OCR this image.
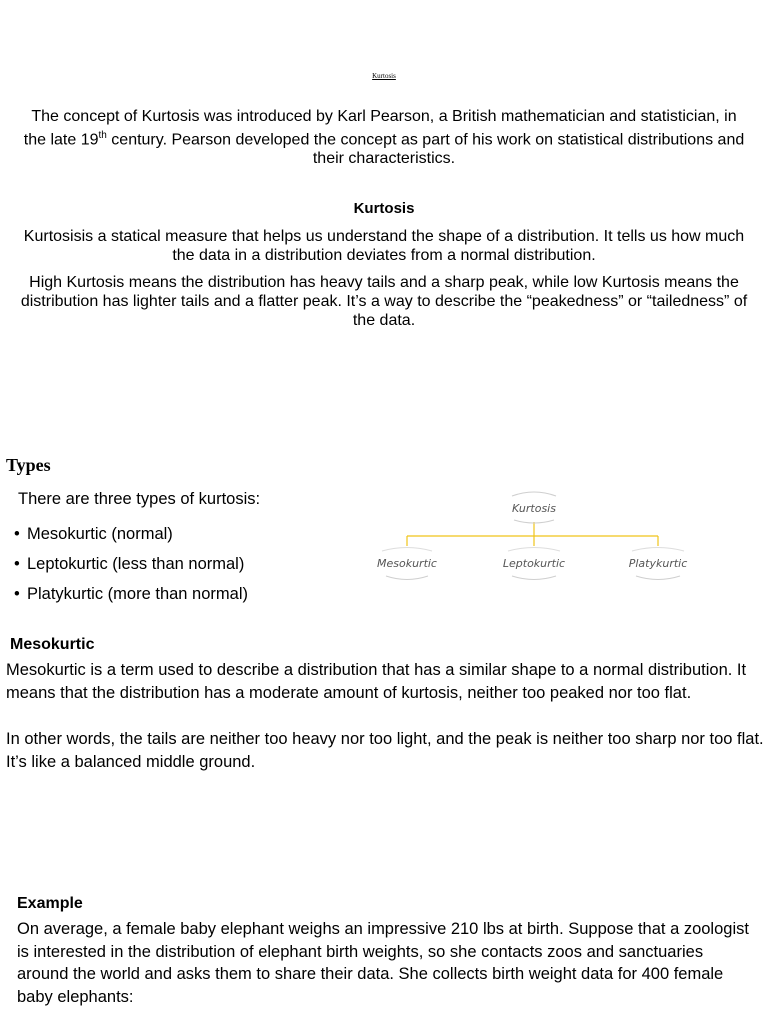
Kurtosis

The concept of Kurtosis was introduced by Karl Pearson, a British mathematician and statistician, in the late 19th century. Pearson developed the concept as part of his work on statistical distributions and their characteristics.

Kurtosis

Kurtosisis a statical measure that helps us understand the shape of a distribution. It tells us how much the data in a distribution deviates from a normal distribution.

High Kurtosis means the distribution has heavy tails and a sharp peak, while low Kurtosis means the distribution has lighter tails and a flatter peak. It’s a way to describe the “peakedness” or “tailedness” of the data.

Types
There are three types of kurtosis:
• Mesokurtic (normal)
• Leptokurtic (less than normal)
• Platykurtic (more than normal)
Kurtosis
Mesokurtic	Leptokurtic	Platykurtic
Mesokurtic

Mesokurtic is a term used to describe a distribution that has a similar shape to a normal distribution. It means that the distribution has a moderate amount of kurtosis, neither too peaked nor too flat.

In other words, the tails are neither too heavy nor too light, and the peak is neither too sharp nor too flat. It’s like a balanced middle ground.

Example

On average, a female baby elephant weighs an impressive 210 lbs at birth. Suppose that a zoologist is interested in the distribution of elephant birth weights, so she contacts zoos and sanctuaries around the world and asks them to share their data. She collects birth weight data for 400 female baby elephants:
